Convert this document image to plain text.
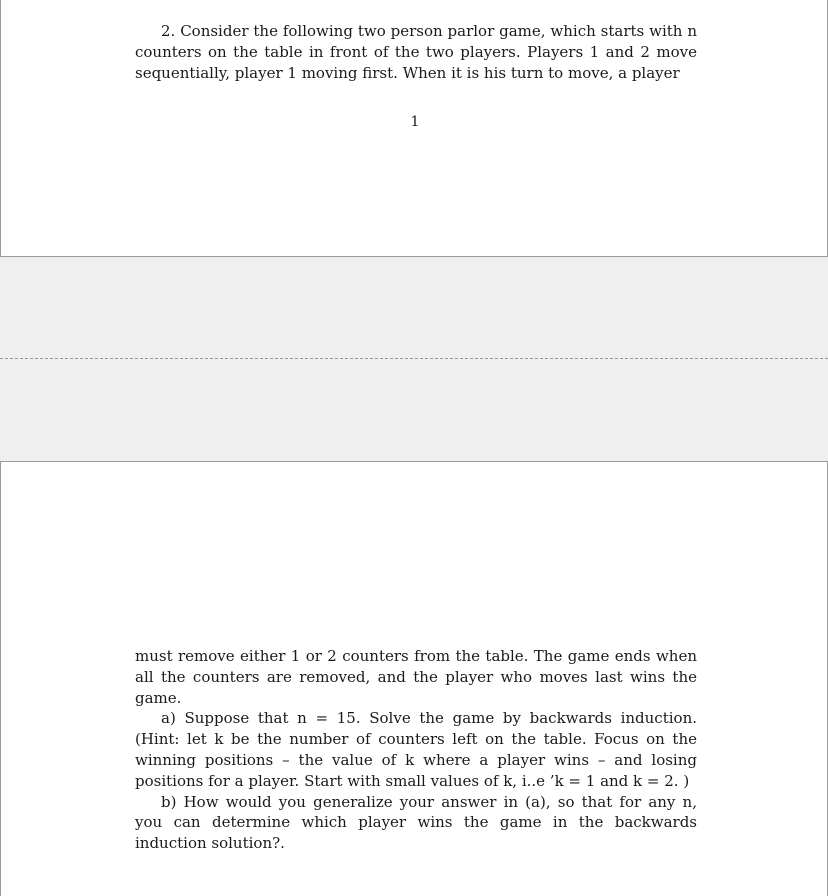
2. Consider the following two person parlor game, which starts with n counters on the table in front of the two players. Players 1 and 2 move sequentially, player 1 moving first. When it is his turn to move, a player

1

must remove either 1 or 2 counters from the table. The game ends when all the counters are removed, and the player who moves last wins the game.

a) Suppose that n = 15. Solve the game by backwards induction. (Hint: let k be the number of counters left on the table. Focus on the winning positions – the value of k where a player wins – and losing positions for a player. Start with small values of k, i..e ’k = 1 and k = 2. )

b) How would you generalize your answer in (a), so that for any n, you can determine which player wins the game in the backwards induction solution?.
